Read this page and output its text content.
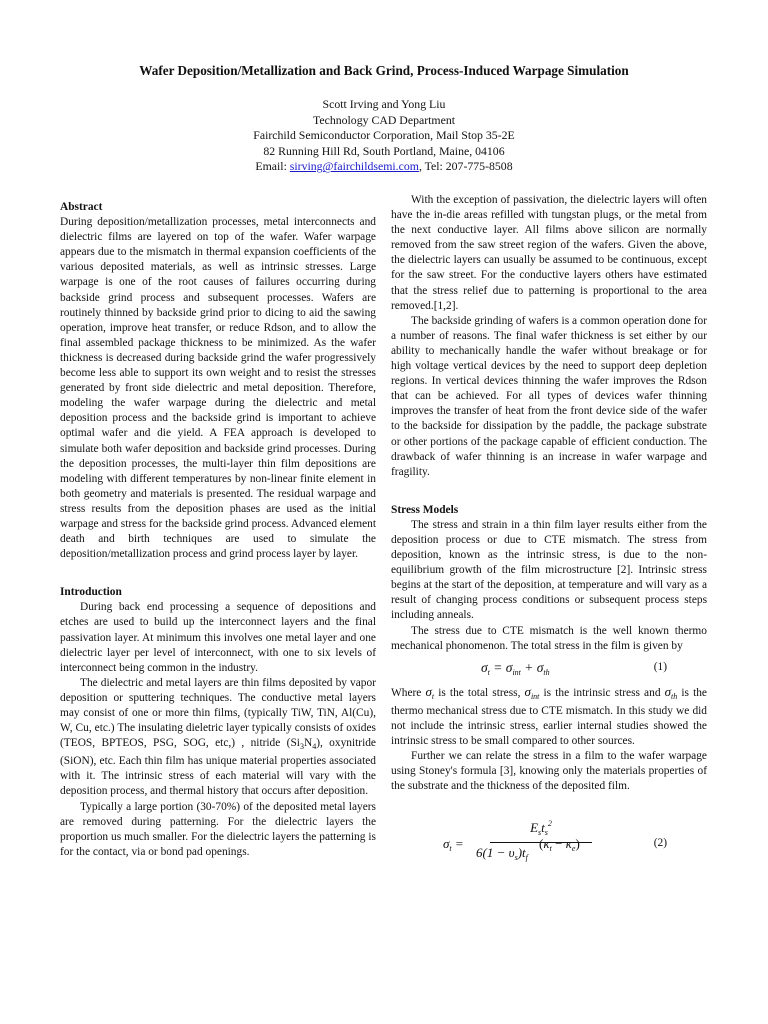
Wafer Deposition/Metallization and Back Grind, Process-Induced Warpage Simulation
Scott Irving and Yong Liu
Technology CAD Department
Fairchild Semiconductor Corporation, Mail Stop 35-2E
82 Running Hill Rd, South Portland, Maine, 04106
Email: sirving@fairchildsemi.com, Tel: 207-775-8508
Abstract

During deposition/metallization processes, metal interconnects and dielectric films are layered on top of the wafer. Wafer warpage appears due to the mismatch in thermal expansion coefficients of the various deposited materials, as well as intrinsic stresses. Large warpage is one of the root causes of failures occurring during backside grind process and subsequent processes. Wafers are routinely thinned by backside grind prior to dicing to aid the sawing operation, improve heat transfer, or reduce Rdson, and to allow the final assembled package thickness to be minimized. As the wafer thickness is decreased during backside grind the wafer progressively become less able to support its own weight and to resist the stresses generated by front side dielectric and metal deposition. Therefore, modeling the wafer warpage during the dielectric and metal deposition process and the backside grind is important to achieve optimal wafer and die yield. A FEA approach is developed to simulate both wafer deposition and backside grind processes. During the deposition processes, the multi-layer thin film depositions are modeling with different temperatures by non-linear finite element in both geometry and materials is presented. The residual warpage and stress results from the deposition phases are used as the initial warpage and stress for the backside grind process. Advanced element death and birth techniques are used to simulate the deposition/metallization process and grind process layer by layer.

Introduction

During back end processing a sequence of depositions and etches are used to build up the interconnect layers and the final passivation layer. At minimum this involves one metal layer and one dielectric layer per level of interconnect, with one to six levels of interconnect being common in the industry.

The dielectric and metal layers are thin films deposited by vapor deposition or sputtering techniques. The conductive metal layers may consist of one or more thin films, (typically TiW, TiN, Al(Cu), W, Cu, etc.) The insulating dieletric layer typically consists of oxides (TEOS, BPTEOS, PSG, SOG, etc,) , nitride $(Si_3N_4)$, oxynitride (SiON), etc. Each thin film has unique material properties associated with it. The intrinsic stress of each material will vary with the deposition process, and thermal history that occurs after deposition.

Typically a large portion (30-70%) of the deposited metal layers are removed during patterning. For the dielectric layers the proportion us much smaller. For the dielectric layers the patterning is for the contact, via or bond pad openings.

With the exception of passivation, the dielectric layers will often have the in-die areas refilled with tungstan plugs, or the metal from the next conductive layer. All films above silicon are normally removed from the saw street region of the wafers. Given the above, the dielectric layers can usually be assumed to be continuous, except for the saw street. For the conductive layers others have estimated that the stress relief due to patterning is proportional to the area removed.[1,2].

The backside grinding of wafers is a common operation done for a number of reasons. The final wafer thickness is set either by our ability to mechanically handle the wafer without breakage or for high voltage vertical devices by the need to support deep depletion regions. In vertical devices thinning the wafer improves the Rdson that can be achieved. For all types of devices wafer thinning improves the transfer of heat from the front device side of the wafer to the backside for dissipation by the paddle, the package substrate or other portions of the package capable of efficient conduction. The drawback of wafer thinning is an increase in wafer warpage and fragility.

Stress Models

The stress and strain in a thin film layer results either from the deposition process or due to CTE mismatch. The stress from deposition, known as the intrinsic stress, is due to the non-equilibrium growth of the film microstructure [2]. Intrinsic stress begins at the start of the deposition, at temperature and will vary as a result of changing process conditions or subsequent process steps including anneals.

The stress due to CTE mismatch is the well known thermo mechanical phonomenon. The total stress in the film is given by

$\sigma_t = \sigma_{int} + \sigma_{th}$	(1)

Where $\sigma_t$ is the total stress, $\sigma_{int}$ is the intrinsic stress and $\sigma_{th}$ is the thermo mechanical stress due to CTE mismatch. In this study we did not include the intrinsic stress, earlier internal studies showed the intrinsic stress to be small compared to other sources.

Further we can relate the stress in a film to the wafer warpage using Stoney's formula [3], knowing only the materials properties of the substrate and the thickness of the deposited film.

$\sigma_t$ =
$E_st_s^2$
$6(1 - \upsilon_s)t_f$
$(\kappa_t - \kappa_e)$	(2)
